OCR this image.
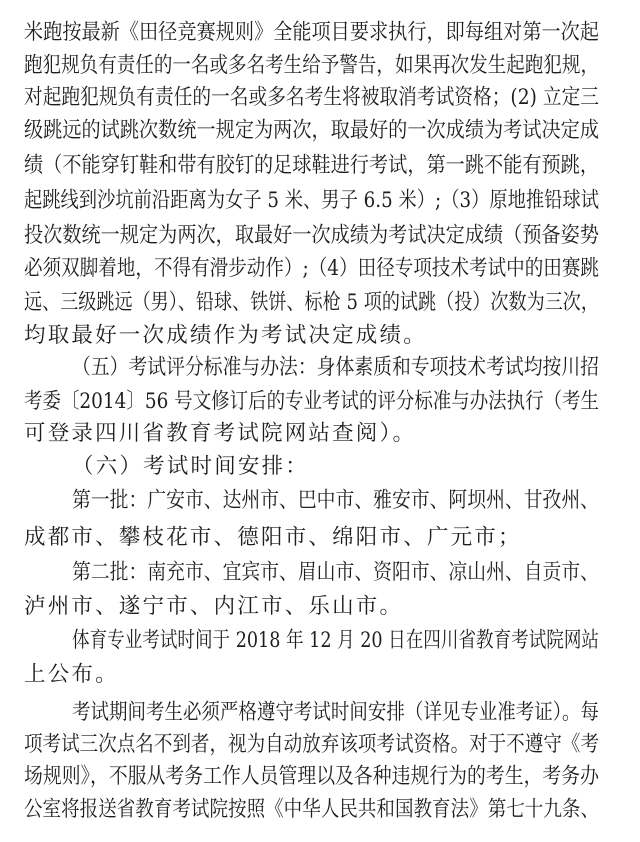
米跑按最新《田径竞赛规则》全能项目要求执行，即每组对第一次起
跑犯规负有责任的一名或多名考生给予警告，如果再次发生起跑犯规，
对起跑犯规负有责任的一名或多名考生将被取消考试资格；(2) 立定三
级跳远的试跳次数统一规定为两次，取最好的一次成绩为考试决定成
绩（不能穿钉鞋和带有胶钉的足球鞋进行考试，第一跳不能有预跳，
起跳线到沙坑前沿距离为女子 5 米、男子 6.5 米）;（3）原地推铅球试
投次数统一规定为两次，取最好一次成绩为考试决定成绩（预备姿势
必须双脚着地，不得有滑步动作）;（4）田径专项技术考试中的田赛跳
远、三级跳远（男）、铅球、铁饼、标枪 5 项的试跳（投）次数为三次，
均取最好一次成绩作为考试决定成绩。
（五）考试评分标准与办法：身体素质和专项技术考试均按川招
考委〔2014〕56 号文修订后的专业考试的评分标准与办法执行（考生
可登录四川省教育考试院网站查阅）。
（六）考试时间安排：
第一批：广安市、达州市、巴中市、雅安市、阿坝州、甘孜州、
成都市、攀枝花市、德阳市、绵阳市、广元市；
第二批：南充市、宜宾市、眉山市、资阳市、凉山州、自贡市、
泸州市、遂宁市、内江市、乐山市。
体育专业考试时间于 2018 年 12 月 20 日在四川省教育考试院网站
上公布。
考试期间考生必须严格遵守考试时间安排（详见专业准考证）。每
项考试三次点名不到者，视为自动放弃该项考试资格。对于不遵守《考
场规则》，不服从考务工作人员管理以及各种违规行为的考生，考务办
公室将报送省教育考试院按照《中华人民共和国教育法》第七十九条、
